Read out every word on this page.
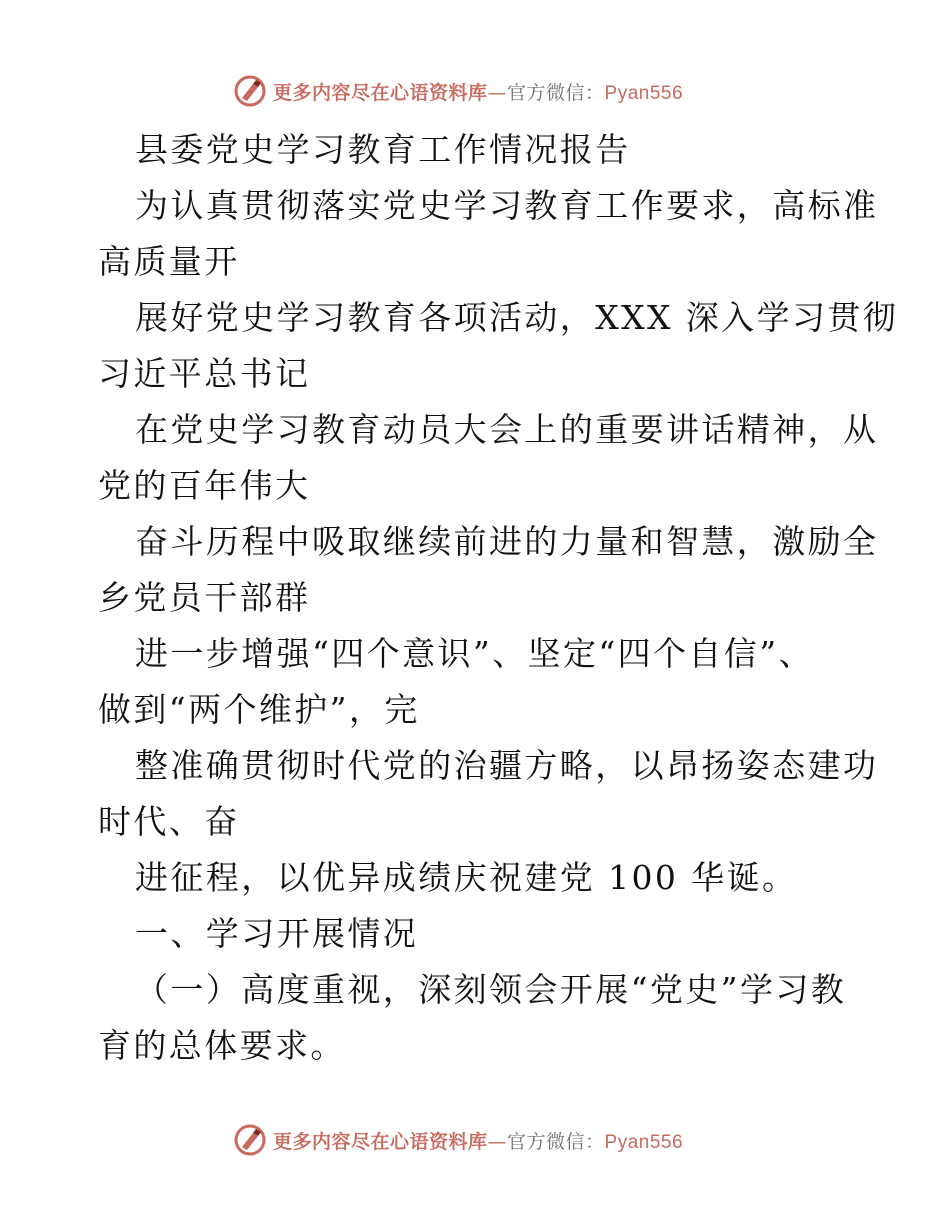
更多内容尽在心语资料库—官方微信：Pyan556
县委党史学习教育工作情况报告
为认真贯彻落实党史学习教育工作要求，高标准
高质量开
展好党史学习教育各项活动，XXX 深入学习贯彻
习近平总书记
在党史学习教育动员大会上的重要讲话精神，从
党的百年伟大
奋斗历程中吸取继续前进的力量和智慧，激励全
乡党员干部群
进一步增强“四个意识”、坚定“四个自信”、
做到“两个维护”，完
整准确贯彻时代党的治疆方略，以昂扬姿态建功
时代、奋
进征程，以优异成绩庆祝建党 100 华诞。
一、学习开展情况
（一）高度重视，深刻领会开展“党史”学习教
育的总体要求。
更多内容尽在心语资料库—官方微信：Pyan556
